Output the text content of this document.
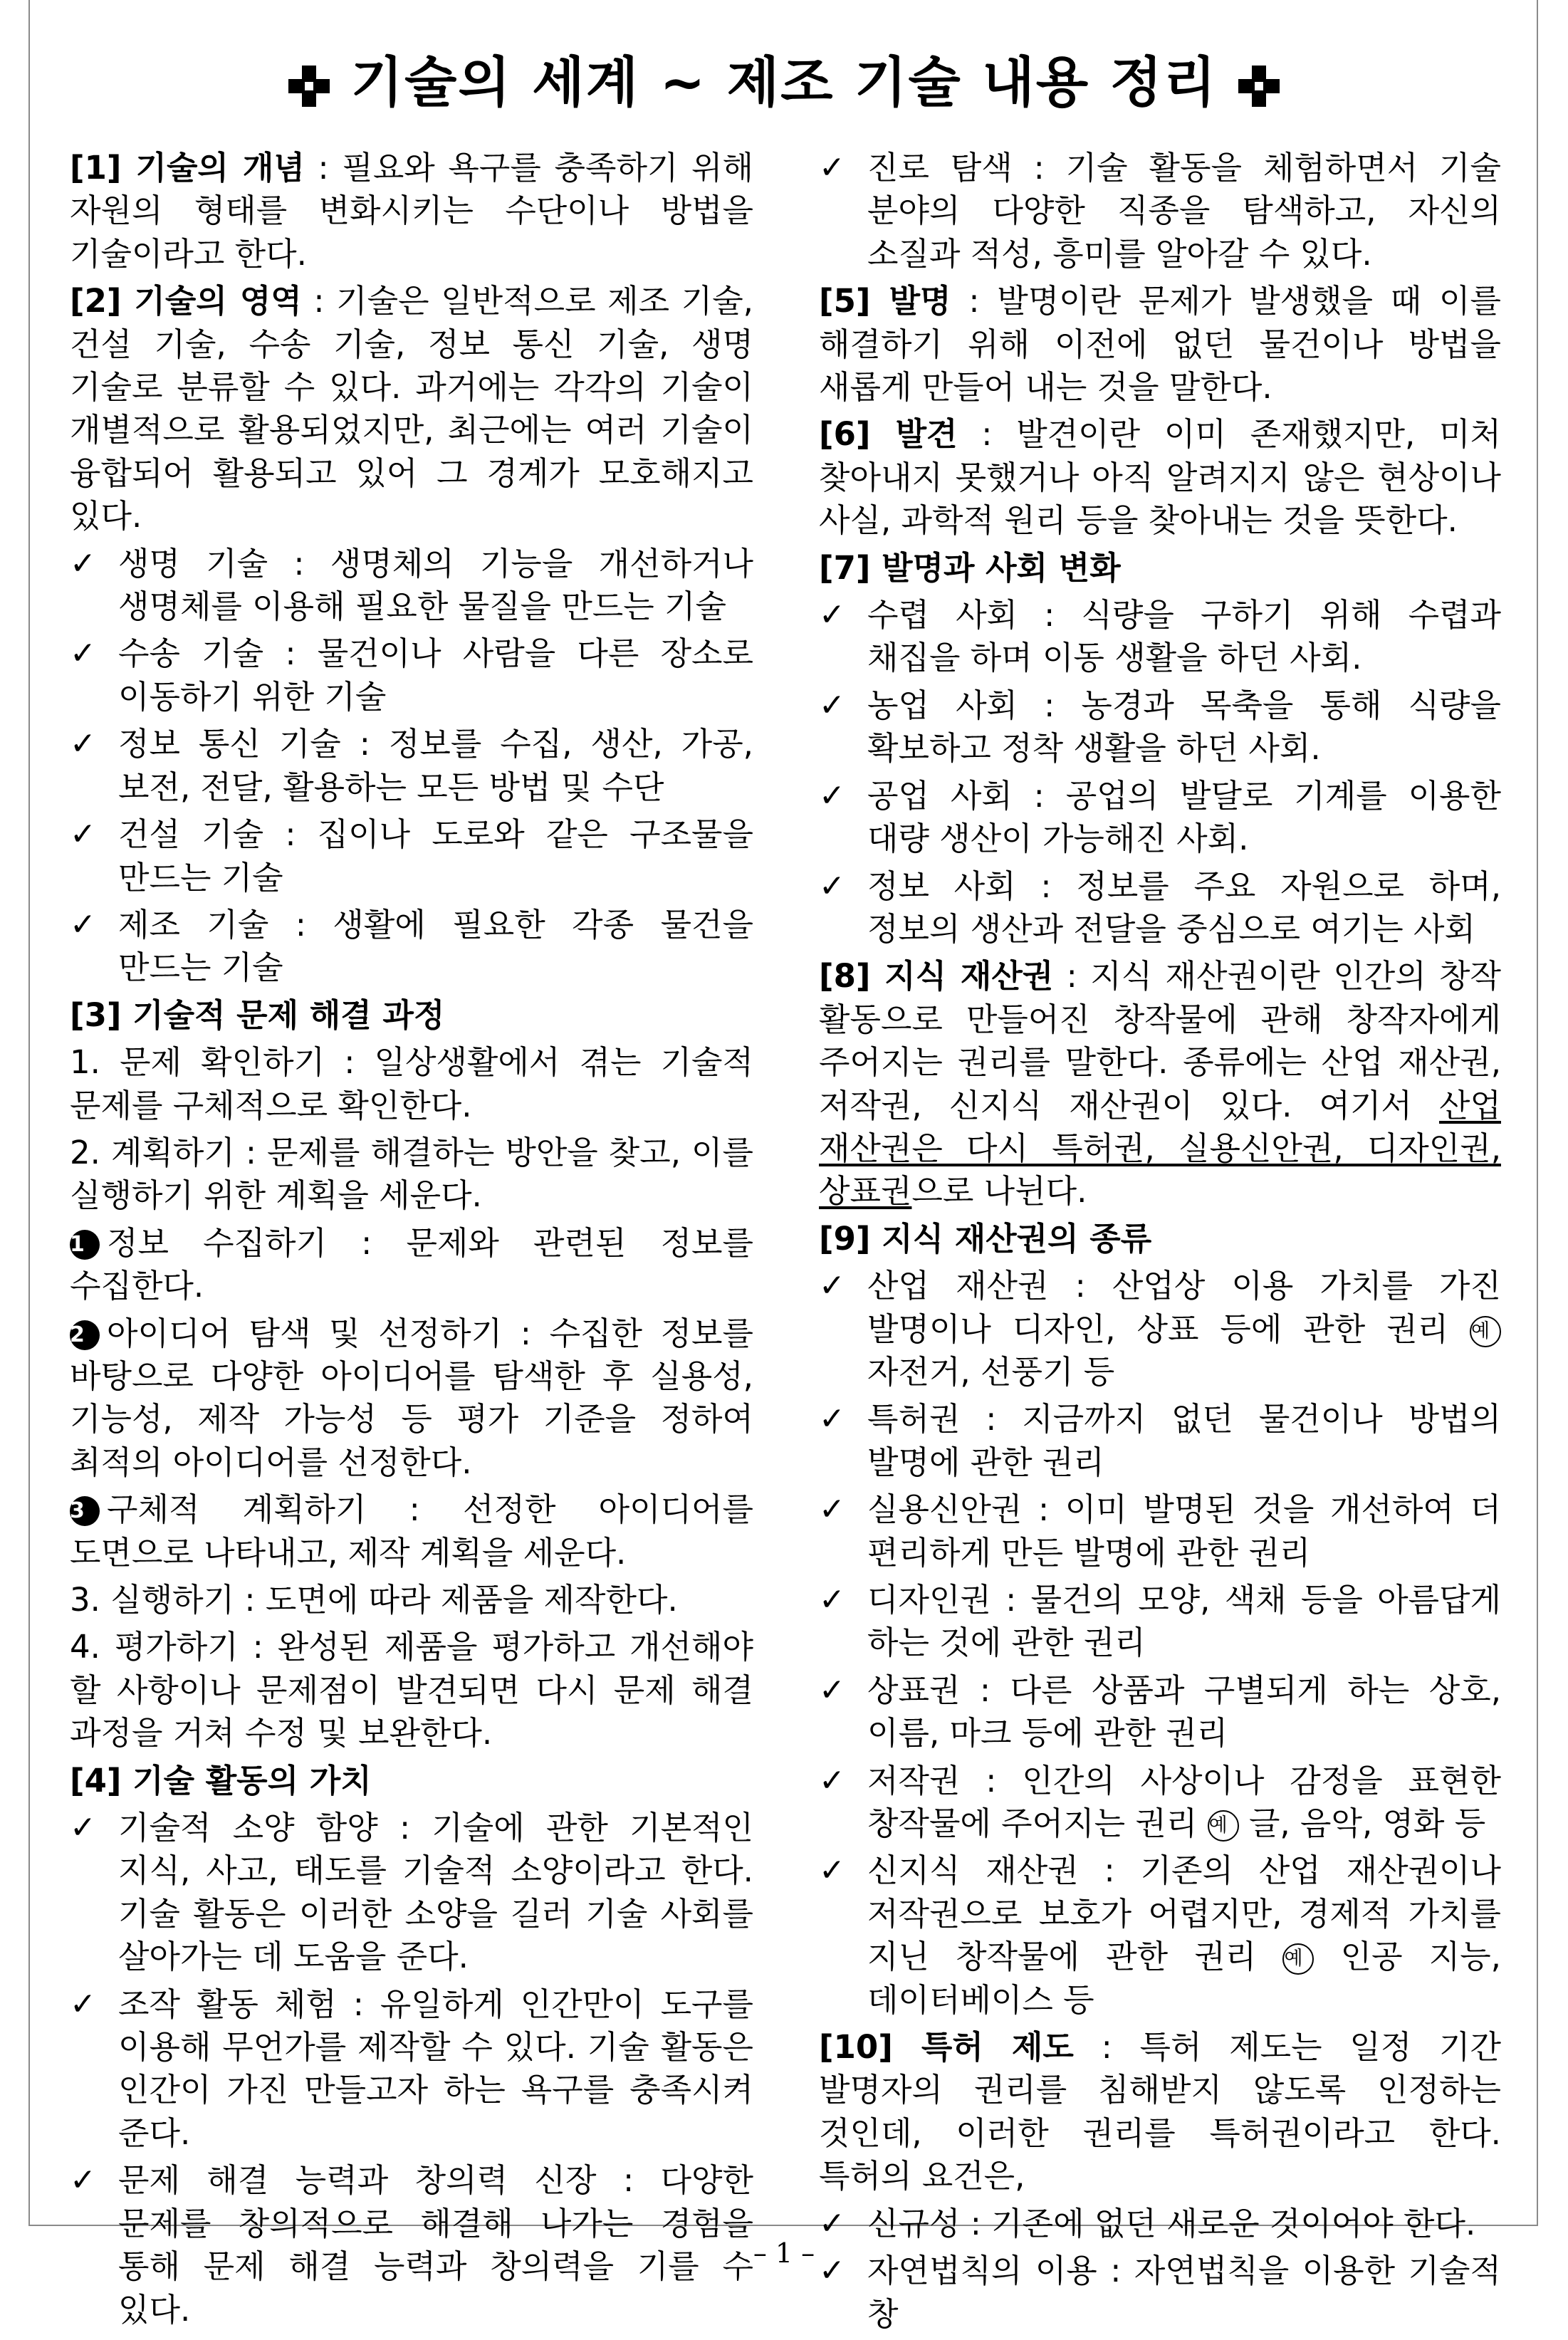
기술의 세계 ~ 제조 기술 내용 정리
[1] 기술의 개념 : 필요와 욕구를 충족하기 위해 자원의 형태를 변화시키는 수단이나 방법을 기술이라고 한다.
[2] 기술의 영역 : 기술은 일반적으로 제조 기술, 건설 기술, 수송 기술, 정보 통신 기술, 생명 기술로 분류할 수 있다. 과거에는 각각의 기술이 개별적으로 활용되었지만, 최근에는 여러 기술이 융합되어 활용되고 있어 그 경계가 모호해지고 있다.
✓ 생명 기술 : 생명체의 기능을 개선하거나 생명체를 이용해 필요한 물질을 만드는 기술
✓ 수송 기술 : 물건이나 사람을 다른 장소로 이동하기 위한 기술
✓ 정보 통신 기술 : 정보를 수집, 생산, 가공, 보전, 전달, 활용하는 모든 방법 및 수단
✓ 건설 기술 : 집이나 도로와 같은 구조물을 만드는 기술
✓ 제조 기술 : 생활에 필요한 각종 물건을 만드는 기술
[3] 기술적 문제 해결 과정
1. 문제 확인하기 : 일상생활에서 겪는 기술적 문제를 구체적으로 확인한다.
2. 계획하기 : 문제를 해결하는 방안을 찾고, 이를 실행하기 위한 계획을 세운다.
1 정보 수집하기 : 문제와 관련된 정보를 수집한다.
2 아이디어 탐색 및 선정하기 : 수집한 정보를 바탕으로 다양한 아이디어를 탐색한 후 실용성, 기능성, 제작 가능성 등 평가 기준을 정하여 최적의 아이디어를 선정한다.
3 구체적 계획하기 : 선정한 아이디어를 도면으로 나타내고, 제작 계획을 세운다.
3. 실행하기 : 도면에 따라 제품을 제작한다.
4. 평가하기 : 완성된 제품을 평가하고 개선해야 할 사항이나 문제점이 발견되면 다시 문제 해결 과정을 거쳐 수정 및 보완한다.
[4] 기술 활동의 가치
✓ 기술적 소양 함양 : 기술에 관한 기본적인 지식, 사고, 태도를 기술적 소양이라고 한다. 기술 활동은 이러한 소양을 길러 기술 사회를 살아가는 데 도움을 준다.
✓ 조작 활동 체험 : 유일하게 인간만이 도구를 이용해 무언가를 제작할 수 있다. 기술 활동은 인간이 가진 만들고자 하는 욕구를 충족시켜 준다.
✓ 문제 해결 능력과 창의력 신장 : 다양한 문제를 창의적으로 해결해 나가는 경험을 통해 문제 해결 능력과 창의력을 기를 수 있다.
✓ 진로 탐색 : 기술 활동을 체험하면서 기술 분야의 다양한 직종을 탐색하고, 자신의 소질과 적성, 흥미를 알아갈 수 있다.
[5] 발명 : 발명이란 문제가 발생했을 때 이를 해결하기 위해 이전에 없던 물건이나 방법을 새롭게 만들어 내는 것을 말한다.
[6] 발견 : 발견이란 이미 존재했지만, 미처 찾아내지 못했거나 아직 알려지지 않은 현상이나 사실, 과학적 원리 등을 찾아내는 것을 뜻한다.
[7] 발명과 사회 변화
✓ 수렵 사회 : 식량을 구하기 위해 수렵과 채집을 하며 이동 생활을 하던 사회.
✓ 농업 사회 : 농경과 목축을 통해 식량을 확보하고 정착 생활을 하던 사회.
✓ 공업 사회 : 공업의 발달로 기계를 이용한 대량 생산이 가능해진 사회.
✓ 정보 사회 : 정보를 주요 자원으로 하며, 정보의 생산과 전달을 중심으로 여기는 사회
[8] 지식 재산권 : 지식 재산권이란 인간의 창작 활동으로 만들어진 창작물에 관해 창작자에게 주어지는 권리를 말한다. 종류에는 산업 재산권, 저작권, 신지식 재산권이 있다. 여기서 산업 재산권은 다시 특허권, 실용신안권, 디자인권, 상표권으로 나뉜다.
[9] 지식 재산권의 종류
✓ 산업 재산권 : 산업상 이용 가치를 가진 발명이나 디자인, 상표 등에 관한 권리 예 자전거, 선풍기 등
✓ 특허권 : 지금까지 없던 물건이나 방법의 발명에 관한 권리
✓ 실용신안권 : 이미 발명된 것을 개선하여 더 편리하게 만든 발명에 관한 권리
✓ 디자인권 : 물건의 모양, 색채 등을 아름답게 하는 것에 관한 권리
✓ 상표권 : 다른 상품과 구별되게 하는 상호, 이름, 마크 등에 관한 권리
✓ 저작권 : 인간의 사상이나 감정을 표현한 창작물에 주어지는 권리 예 글, 음악, 영화 등
✓ 신지식 재산권 : 기존의 산업 재산권이나 저작권으로 보호가 어렵지만, 경제적 가치를 지닌 창작물에 관한 권리 예 인공 지능, 데이터베이스 등
[10] 특허 제도 : 특허 제도는 일정 기간 발명자의 권리를 침해받지 않도록 인정하는 것인데, 이러한 권리를 특허권이라고 한다. 특허의 요건은,
✓ 신규성 : 기존에 없던 새로운 것이어야 한다.
✓ 자연법칙의 이용 : 자연법칙을 이용한 기술적 창
– 1 –
